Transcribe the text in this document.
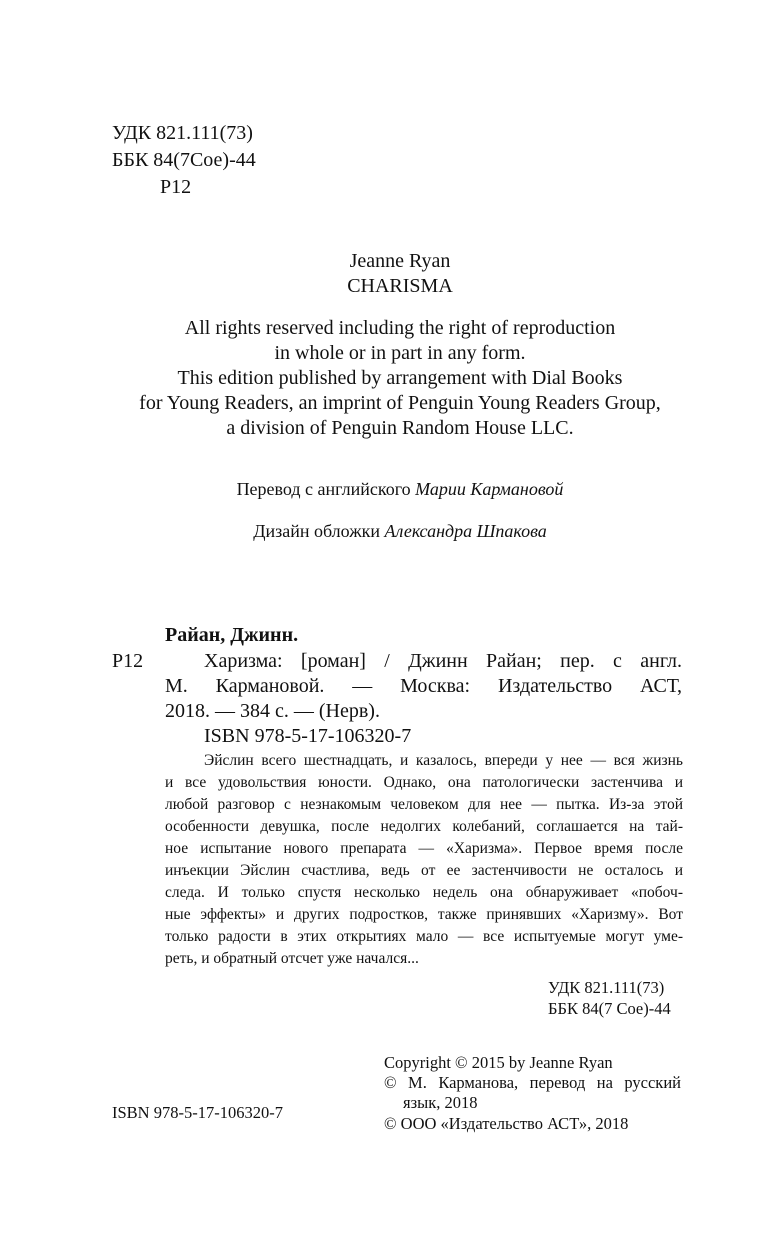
УДК 821.111(73)
ББК 84(7Сое)-44
Р12
Jeanne Ryan
CHARISMA
All rights reserved including the right of reproduction
in whole or in part in any form.
This edition published by arrangement with Dial Books
for Young Readers, an imprint of Penguin Young Readers Group,
a division of Penguin Random House LLC.
Перевод с английского Марии Кармановой
Дизайн обложки Александра Шпакова
Райан, Джинн.
Р12	Харизма: [роман] / Джинн Райан; пер. с англ.
М. Кармановой. — Москва: Издательство АСТ,
2018. — 384 с. — (Нерв).
ISBN 978-5-17-106320-7
Эйслин всего шестнадцать, и казалось, впереди у нее — вся жизнь
и все удовольствия юности. Однако, она патологически застенчива и
любой разговор с незнакомым человеком для нее — пытка. Из-за этой
особенности девушка, после недолгих колебаний, соглашается на тай-
ное испытание нового препарата — «Харизма». Первое время после
инъекции Эйслин счастлива, ведь от ее застенчивости не осталось и
следа. И только спустя несколько недель она обнаруживает «побоч-
ные эффекты» и других подростков, также принявших «Харизму». Вот
только радости в этих открытиях мало — все испытуемые могут уме-
реть, и обратный отсчет уже начался...
УДК 821.111(73)
ББК 84(7 Сое)-44
Copyright © 2015 by Jeanne Ryan
© М. Карманова, перевод на русский
язык, 2018
© ООО «Издательство АСТ», 2018
ISBN 978-5-17-106320-7
